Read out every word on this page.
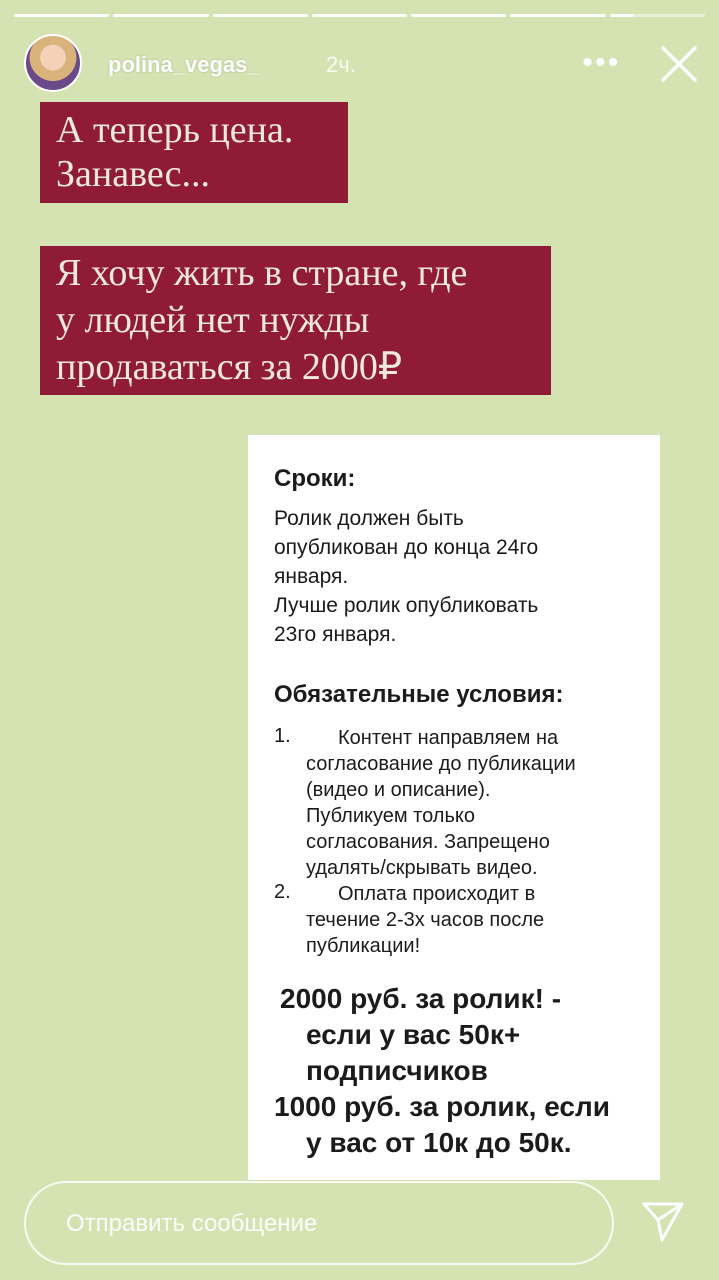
polina_vegas_	2ч.	•••
А теперь цена.
Занавес...
Я хочу жить в стране, где
у людей нет нужды
продаваться за 2000₽
Сроки:
Ролик должен быть
опубликован до конца 24го
января.
Лучше ролик опубликовать
23го января.
Обязательные условия:
1.	Контент направляем на
согласование до публикации
(видео и описание).
Публикуем только
согласования. Запрещено
удалять/скрывать видео.
2.	Оплата происходит в
течение 2-3х часов после
публикации!
2000 руб. за ролик! -
если у вас 50к+
подписчиков
1000 руб. за ролик, если
у вас от 10к до 50к.
Отправить сообщение
